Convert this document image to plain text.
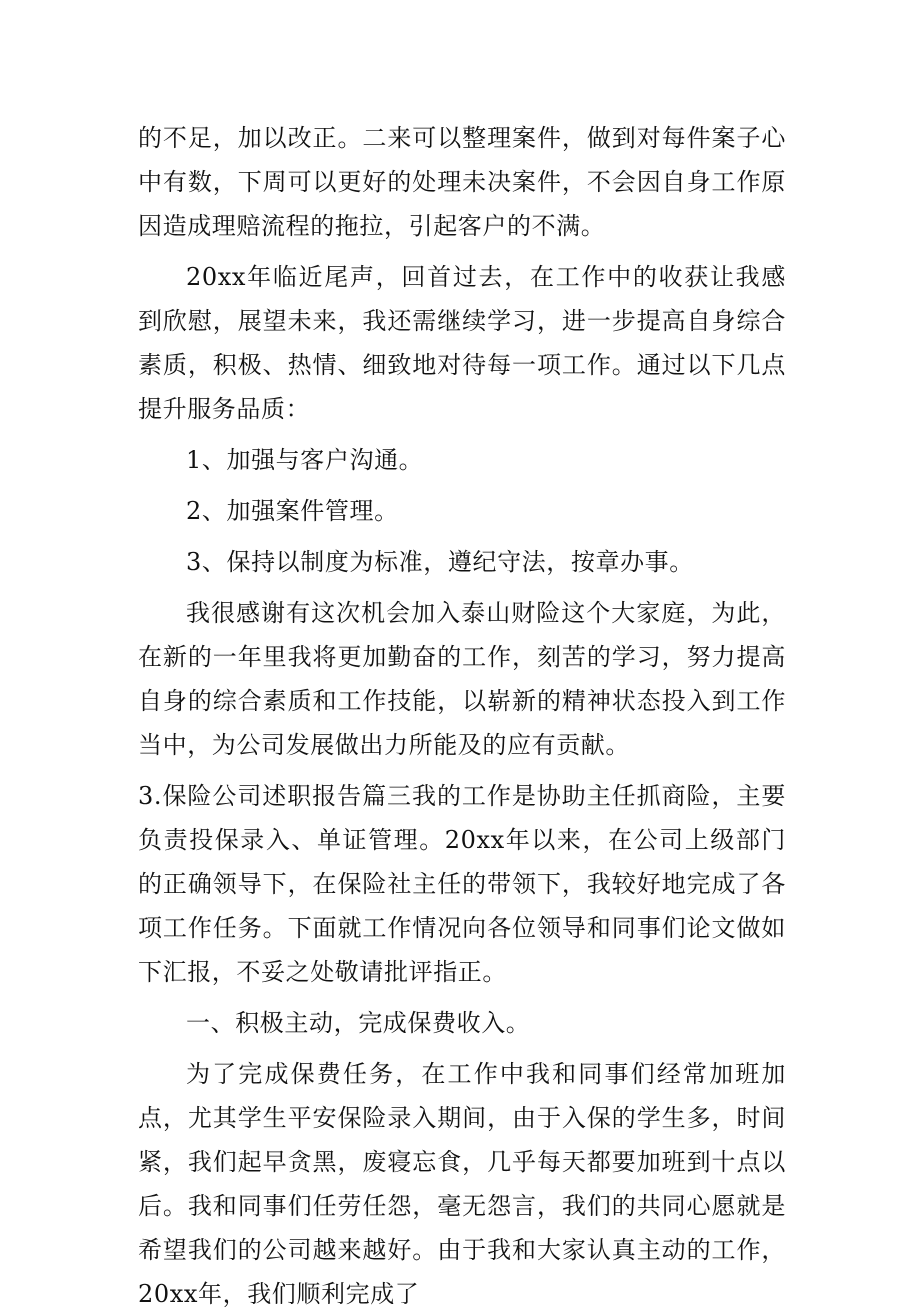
的不足，加以改正。二来可以整理案件，做到对每件案子心中有数，下周可以更好的处理未决案件，不会因自身工作原因造成理赔流程的拖拉，引起客户的不满。

20xx年临近尾声，回首过去，在工作中的收获让我感到欣慰，展望未来，我还需继续学习，进一步提高自身综合素质，积极、热情、细致地对待每一项工作。通过以下几点提升服务品质：

1、加强与客户沟通。

2、加强案件管理。

3、保持以制度为标准，遵纪守法，按章办事。

我很感谢有这次机会加入泰山财险这个大家庭，为此，在新的一年里我将更加勤奋的工作，刻苦的学习，努力提高自身的综合素质和工作技能，以崭新的精神状态投入到工作当中，为公司发展做出力所能及的应有贡献。

3.保险公司述职报告篇三我的工作是协助主任抓商险，主要负责投保录入、单证管理。20xx年以来，在公司上级部门的正确领导下，在保险社主任的带领下，我较好地完成了各项工作任务。下面就工作情况向各位领导和同事们论文做如下汇报，不妥之处敬请批评指正。

一、积极主动，完成保费收入。

为了完成保费任务，在工作中我和同事们经常加班加点，尤其学生平安保险录入期间，由于入保的学生多，时间紧，我们起早贪黑，废寝忘食，几乎每天都要加班到十点以后。我和同事们任劳任怨，毫无怨言，我们的共同心愿就是希望我们的公司越来越好。由于我和大家认真主动的工作，20xx年，我们顺利完成了
